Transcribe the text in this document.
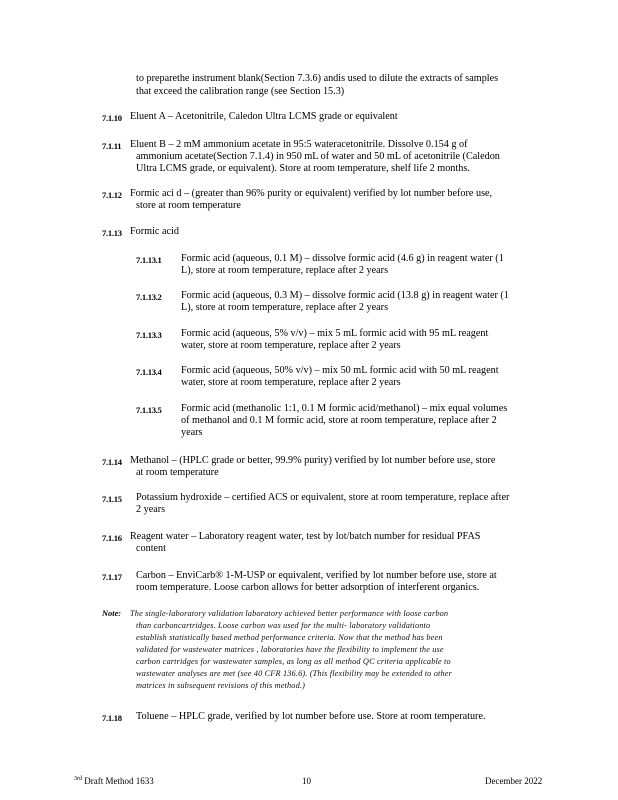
to preparethe instrument blank(Section 7.3.6) andis used to dilute the extracts of samples
that exceed the calibration range (see Section 15.3)
7.1.10 Eluent A – Acetonitrile, Caledon Ultra LCMS grade or equivalent
7.1.11 Eluent B – 2 mM ammonium acetate in 95:5 wateracetonitrile. Dissolve 0.154 g of
ammonium acetate(Section 7.1.4) in 950 mL of water and 50 mL of acetonitrile (Caledon
Ultra LCMS grade, or equivalent). Store at room temperature, shelf life 2 months.
7.1.12 Formic aci d – (greater than 96% purity or equivalent) verified by lot number before use,
store at room temperature
7.1.13 Formic acid
7.1.13.1 Formic acid (aqueous, 0.1 M) – dissolve formic acid (4.6 g) in reagent water (1
L), store at room temperature, replace after 2 years
7.1.13.2 Formic acid (aqueous, 0.3 M) – dissolve formic acid (13.8 g) in reagent water (1
L), store at room temperature, replace after 2 years
7.1.13.3 Formic acid (aqueous, 5% v/v) – mix 5 mL formic acid with 95 mL reagent
water, store at room temperature, replace after 2 years
7.1.13.4 Formic acid (aqueous, 50% v/v) – mix 50 mL formic acid with 50 mL reagent
water, store at room temperature, replace after 2 years
7.1.13.5 Formic acid (methanolic 1:1, 0.1 M formic acid/methanol) – mix equal volumes
of methanol and 0.1 M formic acid, store at room temperature, replace after 2
years
7.1.14 Methanol – (HPLC grade or better, 99.9% purity) verified by lot number before use, store
at room temperature
7.1.15 Potassium hydroxide – certified ACS or equivalent, store at room temperature, replace after
2 years
7.1.16 Reagent water – Laboratory reagent water, test by lot/batch number for residual PFAS
content
7.1.17 Carbon – EnviCarb® 1-M-USP or equivalent, verified by lot number before use, store at
room temperature. Loose carbon allows for better adsorption of interferent organics.
Note: The single-laboratory validation laboratory achieved better performance with loose carbon
than carboncartridges. Loose carbon was used for the multi- laboratory validationto
establish statistically based method performance criteria. Now that the method has been
validated for wastewater matrices , laboratories have the flexibility to implement the use
carbon cartridges for wastewater samples, as long as all method QC criteria applicable to
wastewater analyses are met (see 40 CFR 136.6). (This flexibility may be extended to other
matrices in subsequent revisions of this method.)
7.1.18 Toluene – HPLC grade, verified by lot number before use. Store at room temperature.
$^{3rd}$ Draft Method 1633	10	December 2022
